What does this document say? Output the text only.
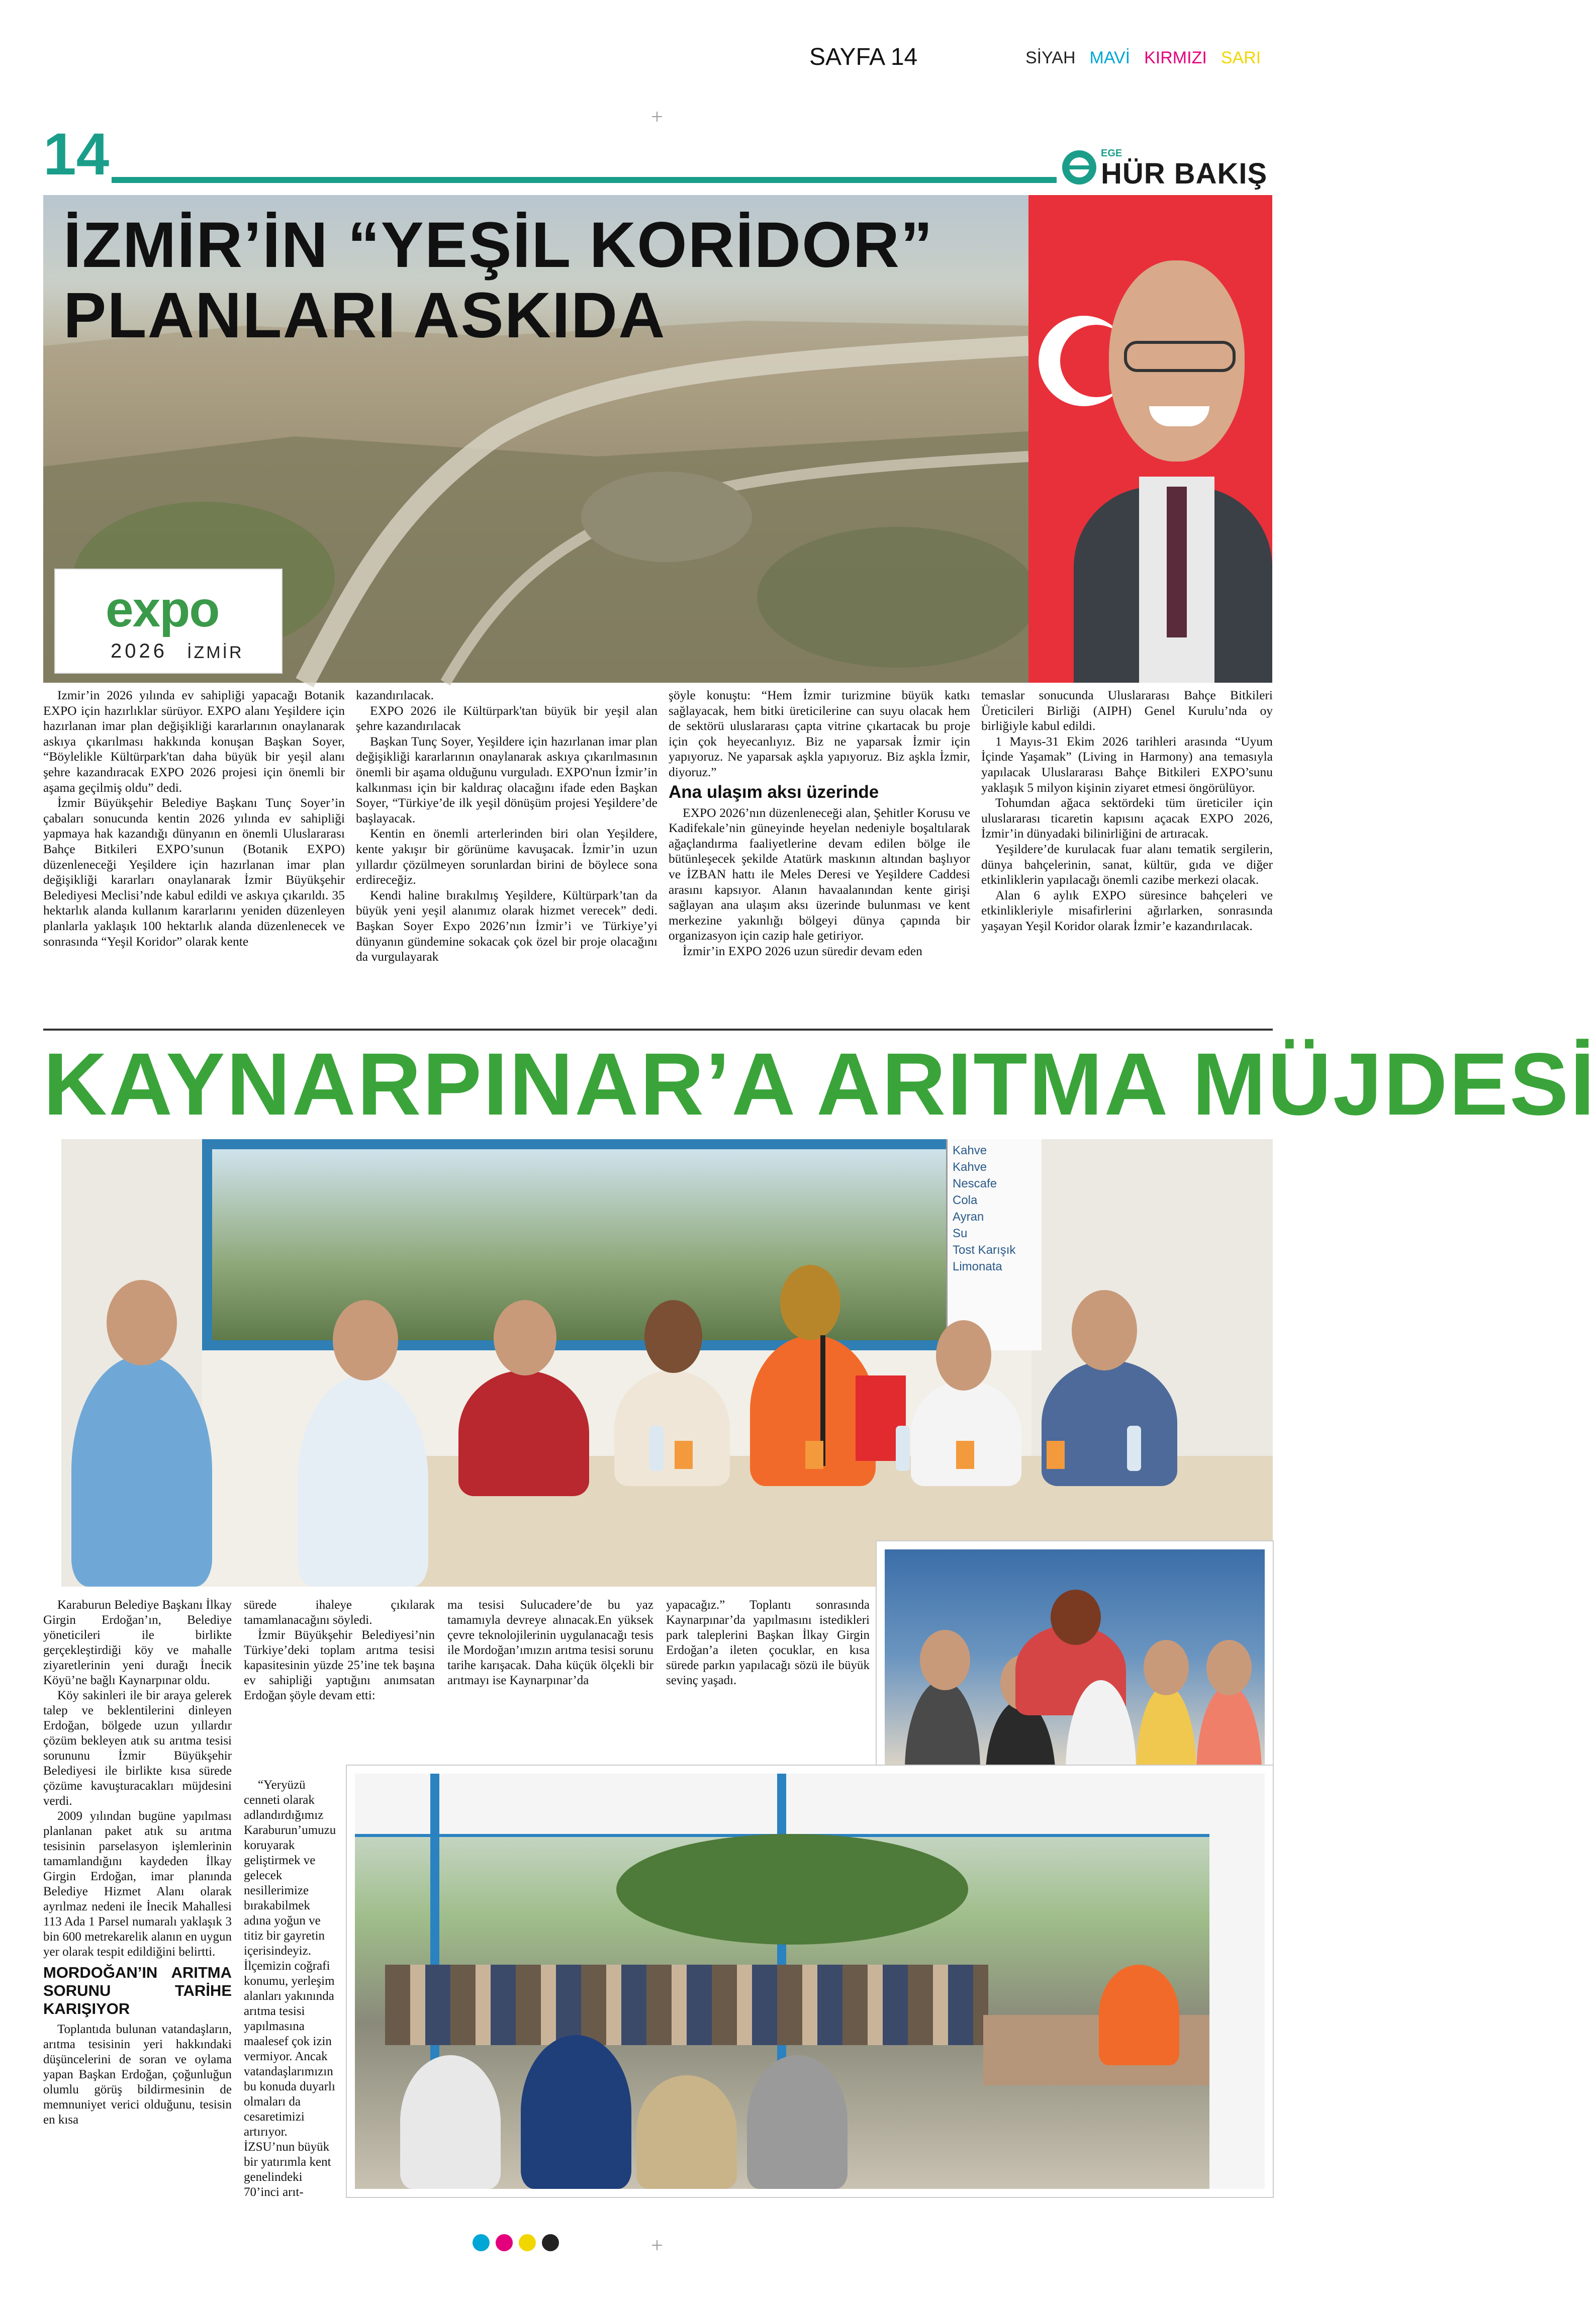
SAYFA 14	SİYAH MAVİ KIRMIZI SARI
14	EGE
HÜR BAKIŞ
İZMİR’İN “YEŞİL KORİDOR”
PLANLARI ASKIDA
expo
2026 İZMİR

Izmir’in 2026 yılında ev sahipliği yapacağı Botanik EXPO için hazırlıklar sürüyor. EXPO alanı Yeşildere için hazırlanan imar plan değişikliği kararlarının onaylanarak askıya çıkarılması hakkında konuşan Başkan Soyer, “Böylelikle Kültürpark'tan daha büyük bir yeşil alanı şehre kazandıracak EXPO 2026 projesi için önemli bir aşama geçilmiş oldu” dedi.

İzmir Büyükşehir Belediye Başkanı Tunç Soyer’in çabaları sonucunda kentin 2026 yılında ev sahipliği yapmaya hak kazandığı dünyanın en önemli Uluslararası Bahçe Bitkileri EXPO’sunun (Botanik EXPO) düzenleneceği Yeşildere için hazırlanan imar plan değişikliği kararları onaylanarak İzmir Büyükşehir Belediyesi Meclisi’nde kabul edildi ve askıya çıkarıldı. 35 hektarlık alanda kullanım kararlarını yeniden düzenleyen planlarla yaklaşık 100 hektarlık alanda düzenlenecek ve sonrasında “Yeşil Koridor” olarak kente

kazandırılacak.

EXPO 2026 ile Kültürpark'tan büyük bir yeşil alan şehre kazandırılacak

Başkan Tunç Soyer, Yeşildere için hazırlanan imar plan değişikliği kararlarının onaylanarak askıya çıkarılmasının önemli bir aşama olduğunu vurguladı. EXPO'nun İzmir’in kalkınması için bir kaldıraç olacağını ifade eden Başkan Soyer, “Türkiye’de ilk yeşil dönüşüm projesi Yeşildere’de başlayacak.

Kentin en önemli arterlerinden biri olan Yeşildere, kente yakışır bir görünüme kavuşacak. İzmir’in uzun yıllardır çözülmeyen sorunlardan birini de böylece sona erdireceğiz.

Kendi haline bırakılmış Yeşildere, Kültürpark’tan da büyük yeni yeşil alanımız olarak hizmet verecek” dedi. Başkan Soyer Expo 2026’nın İzmir’i ve Türkiye’yi dünyanın gündemine sokacak çok özel bir proje olacağını da vurgulayarak

şöyle konuştu: “Hem İzmir turizmine büyük katkı sağlayacak, hem bitki üreticilerine can suyu olacak hem de sektörü uluslararası çapta vitrine çıkartacak bu proje için çok heyecanlıyız. Biz ne yaparsak İzmir için yapıyoruz. Ne yaparsak aşkla yapıyoruz. Biz aşkla İzmir, diyoruz.”

Ana ulaşım aksı üzerinde

EXPO 2026’nın düzenleneceği alan, Şehitler Korusu ve Kadifekale’nin güneyinde heyelan nedeniyle boşaltılarak ağaçlandırma faaliyetlerine devam edilen bölge ile bütünleşecek şekilde Atatürk maskının altından başlıyor ve İZBAN hattı ile Meles Deresi ve Yeşildere Caddesi arasını kapsıyor. Alanın havaalanından kente girişi sağlayan ana ulaşım aksı üzerinde bulunması ve kent merkezine yakınlığı bölgeyi dünya çapında bir organizasyon için cazip hale getiriyor.

İzmir’in EXPO 2026 uzun süredir devam eden

temaslar sonucunda Uluslararası Bahçe Bitkileri Üreticileri Birliği (AIPH) Genel Kurulu’nda oy birliğiyle kabul edildi.

1 Mayıs-31 Ekim 2026 tarihleri arasında “Uyum İçinde Yaşamak” (Living in Harmony) ana temasıyla yapılacak Uluslararası Bahçe Bitkileri EXPO’sunu yaklaşık 5 milyon kişinin ziyaret etmesi öngörülüyor.

Tohumdan ağaca sektördeki tüm üreticiler için uluslararası ticaretin kapısını açacak EXPO 2026, İzmir’in dünyadaki bilinirliğini de artıracak.

Yeşildere’de kurulacak fuar alanı tematik sergilerin, dünya bahçelerinin, sanat, kültür, gıda ve diğer etkinliklerin yapılacağı önemli cazibe merkezi olacak.

Alan 6 aylık EXPO süresince bahçeleri ve etkinlikleriyle misafirlerini ağırlarken, sonrasında yaşayan Yeşil Koridor olarak İzmir’e kazandırılacak.

KAYNARPINAR’A ARITMA MÜJDESİ
Kahve
Kahve
Nescafe
Cola
Ayran
Su
Tost Karışık
Limonata

Karaburun Belediye Başkanı İlkay Girgin Erdoğan’ın, Belediye yöneticileri ile birlikte gerçekleştirdiği köy ve mahalle ziyaretlerinin yeni durağı İnecik Köyü’ne bağlı Kaynarpınar oldu.

Köy sakinleri ile bir araya gelerek talep ve beklentilerini dinleyen Erdoğan, bölgede uzun yıllardır çözüm bekleyen atık su arıtma tesisi sorununu İzmir Büyükşehir Belediyesi ile birlikte kısa sürede çözüme kavuşturacakları müjdesini verdi.

2009 yılından bugüne yapılması planlanan paket atık su arıtma tesisinin parselasyon işlemlerinin tamamlandığını kaydeden İlkay Girgin Erdoğan, imar planında Belediye Hizmet Alanı olarak ayrılmaz nedeni ile İnecik Mahallesi 113 Ada 1 Parsel numaralı yaklaşık 3 bin 600 metrekarelik alanın en uygun yer olarak tespit edildiğini belirtti.

MORDOĞAN’IN ARITMA SORUNU TARİHE KARIŞIYOR

Toplantıda bulunan vatandaşların, arıtma tesisinin yeri hakkındaki düşüncelerini de soran ve oylama yapan Başkan Erdoğan, çoğunluğun olumlu görüş bildirmesinin de memnuniyet verici olduğunu, tesisin en kısa

sürede ihaleye çıkılarak tamamlanacağını söyledi.

İzmir Büyükşehir Belediyesi’nin Türkiye’deki toplam arıtma tesisi kapasitesinin yüzde 25’ine tek başına ev sahipliği yaptığını anımsatan Erdoğan şöyle devam etti:

“Yeryüzü cenneti olarak adlandırdığımız Karaburun’umuzu koruyarak geliştirmek ve gelecek nesillerimize bırakabilmek adına yoğun ve titiz bir gayretin içerisindeyiz. İlçemizin coğrafi konumu, yerleşim alanları yakınında arıtma tesisi yapılmasına maalesef çok izin vermiyor. Ancak vatandaşlarımızın bu konuda duyarlı olmaları da cesaretimizi artırıyor. İZSU’nun büyük bir yatırımla kent genelindeki 70’inci arıt-

ma tesisi Sulucadere’de bu yaz tamamıyla devreye alınacak.En yüksek çevre teknolojilerinin uygulanacağı tesis ile Mordoğan’ımızın arıtma tesisi sorunu tarihe karışacak. Daha küçük ölçekli bir arıtmayı ise Kaynarpınar’da

yapacağız.” Toplantı sonrasında Kaynarpınar’da yapılmasını istedikleri park taleplerini Başkan İlkay Girgin Erdoğan’a ileten çocuklar, en kısa sürede parkın yapılacağı sözü ile büyük sevinç yaşadı.
